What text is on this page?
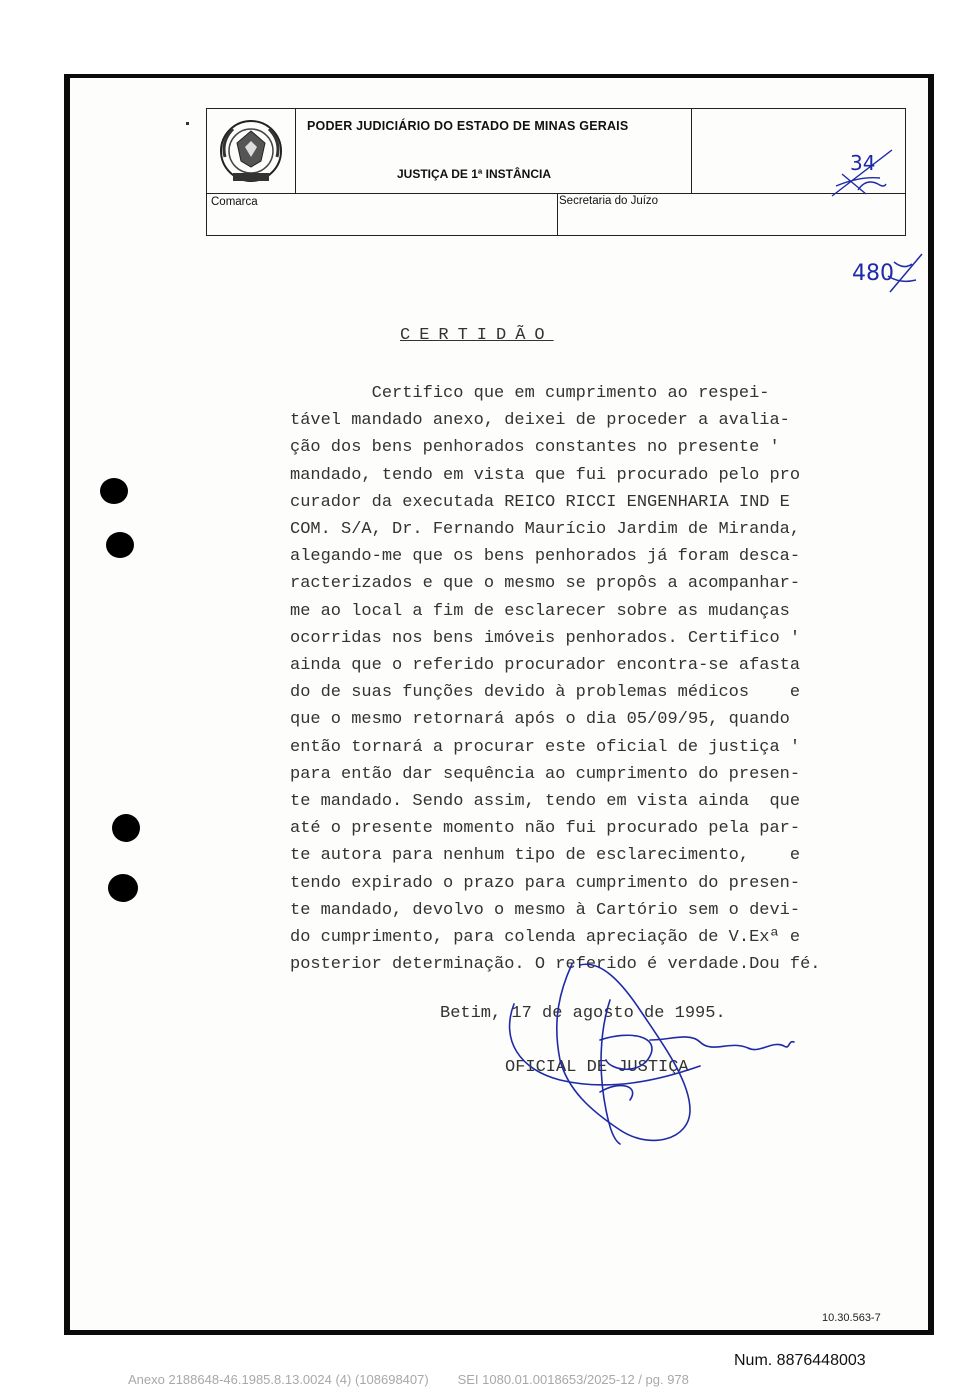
PODER JUDICIÁRIO DO ESTADO DE MINAS GERAIS
JUSTIÇA DE 1ª INSTÂNCIA
Comarca	Secretaria do Juízo
CERTIDÃO
Certifico que em cumprimento ao respei-
tável mandado anexo, deixei de proceder a avalia-
ção dos bens penhorados constantes no presente '
mandado, tendo em vista que fui procurado pelo pro
curador da executada REICO RICCI ENGENHARIA IND E
COM. S/A, Dr. Fernando Maurício Jardim de Miranda,
alegando-me que os bens penhorados já foram desca-
racterizados e que o mesmo se propôs a acompanhar-
me ao local a fim de esclarecer sobre as mudanças
ocorridas nos bens imóveis penhorados. Certifico '
ainda que o referido procurador encontra-se afasta
do de suas funções devido à problemas médicos    e
que o mesmo retornará após o dia 05/09/95, quando
então tornará a procurar este oficial de justiça '
para então dar sequência ao cumprimento do presen-
te mandado. Sendo assim, tendo em vista ainda  que
até o presente momento não fui procurado pela par-
te autora para nenhum tipo de esclarecimento,    e
tendo expirado o prazo para cumprimento do presen-
te mandado, devolvo o mesmo à Cartório sem o devi-
do cumprimento, para colenda apreciação de V.Exª e
posterior determinação. O referido é verdade.Dou fé.
Betim, 17 de agosto de 1995.
OFICIAL DE JUSTIÇA
10.30.563-7
Num. 8876448003
Anexo 2188648-46.1985.8.13.0024 (4) (108698407)        SEI 1080.01.0018653/2025-12 / pg. 978
34
480
